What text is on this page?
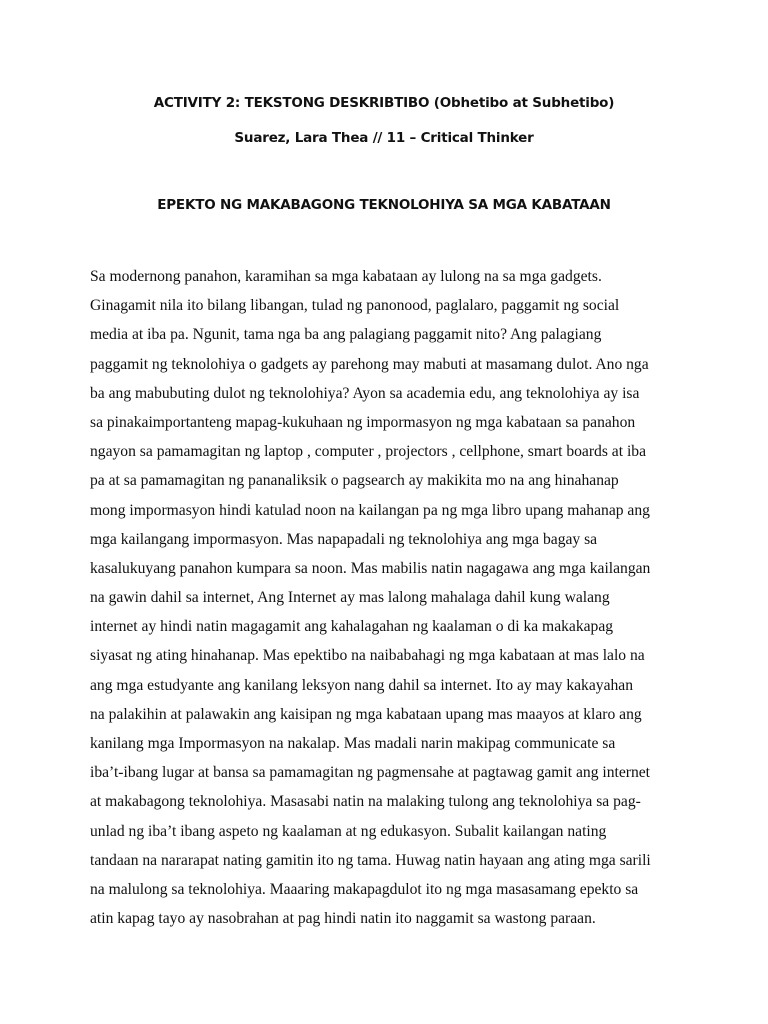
ACTIVITY 2: TEKSTONG DESKRIBTIBO (Obhetibo at Subhetibo)
Suarez, Lara Thea // 11 – Critical Thinker
EPEKTO NG MAKABAGONG TEKNOLOHIYA SA MGA KABATAAN
Sa modernong panahon, karamihan sa mga kabataan ay lulong na sa mga gadgets.
Ginagamit nila ito bilang libangan, tulad ng panonood, paglalaro, paggamit ng social
media at iba pa. Ngunit, tama nga ba ang palagiang paggamit nito? Ang palagiang
paggamit ng teknolohiya o gadgets ay parehong may mabuti at masamang dulot. Ano nga
ba ang mabubuting dulot ng teknolohiya? Ayon sa academia edu, ang teknolohiya ay isa
sa pinakaimportanteng mapag-kukuhaan ng impormasyon ng mga kabataan sa panahon
ngayon sa pamamagitan ng laptop , computer , projectors , cellphone, smart boards at iba
pa at sa pamamagitan ng pananaliksik o pagsearch ay makikita mo na ang hinahanap
mong impormasyon hindi katulad noon na kailangan pa ng mga libro upang mahanap ang
mga kailangang impormasyon. Mas napapadali ng teknolohiya ang mga bagay sa
kasalukuyang panahon kumpara sa noon. Mas mabilis natin nagagawa ang mga kailangan
na gawin dahil sa internet, Ang Internet ay mas lalong mahalaga dahil kung walang
internet ay hindi natin magagamit ang kahalagahan ng kaalaman o di ka makakapag
siyasat ng ating hinahanap. Mas epektibo na naibabahagi ng mga kabataan at mas lalo na
ang mga estudyante ang kanilang leksyon nang dahil sa internet. Ito ay may kakayahan
na palakihin at palawakin ang kaisipan ng mga kabataan upang mas maayos at klaro ang
kanilang mga Impormasyon na nakalap. Mas madali narin makipag communicate sa
iba’t-ibang lugar at bansa sa pamamagitan ng pagmensahe at pagtawag gamit ang internet
at makabagong teknolohiya. Masasabi natin na malaking tulong ang teknolohiya sa pag-
unlad ng iba’t ibang aspeto ng kaalaman at ng edukasyon. Subalit kailangan nating
tandaan na nararapat nating gamitin ito ng tama. Huwag natin hayaan ang ating mga sarili
na malulong sa teknolohiya. Maaaring makapagdulot ito ng mga masasamang epekto sa
atin kapag tayo ay nasobrahan at pag hindi natin ito naggamit sa wastong paraan.
